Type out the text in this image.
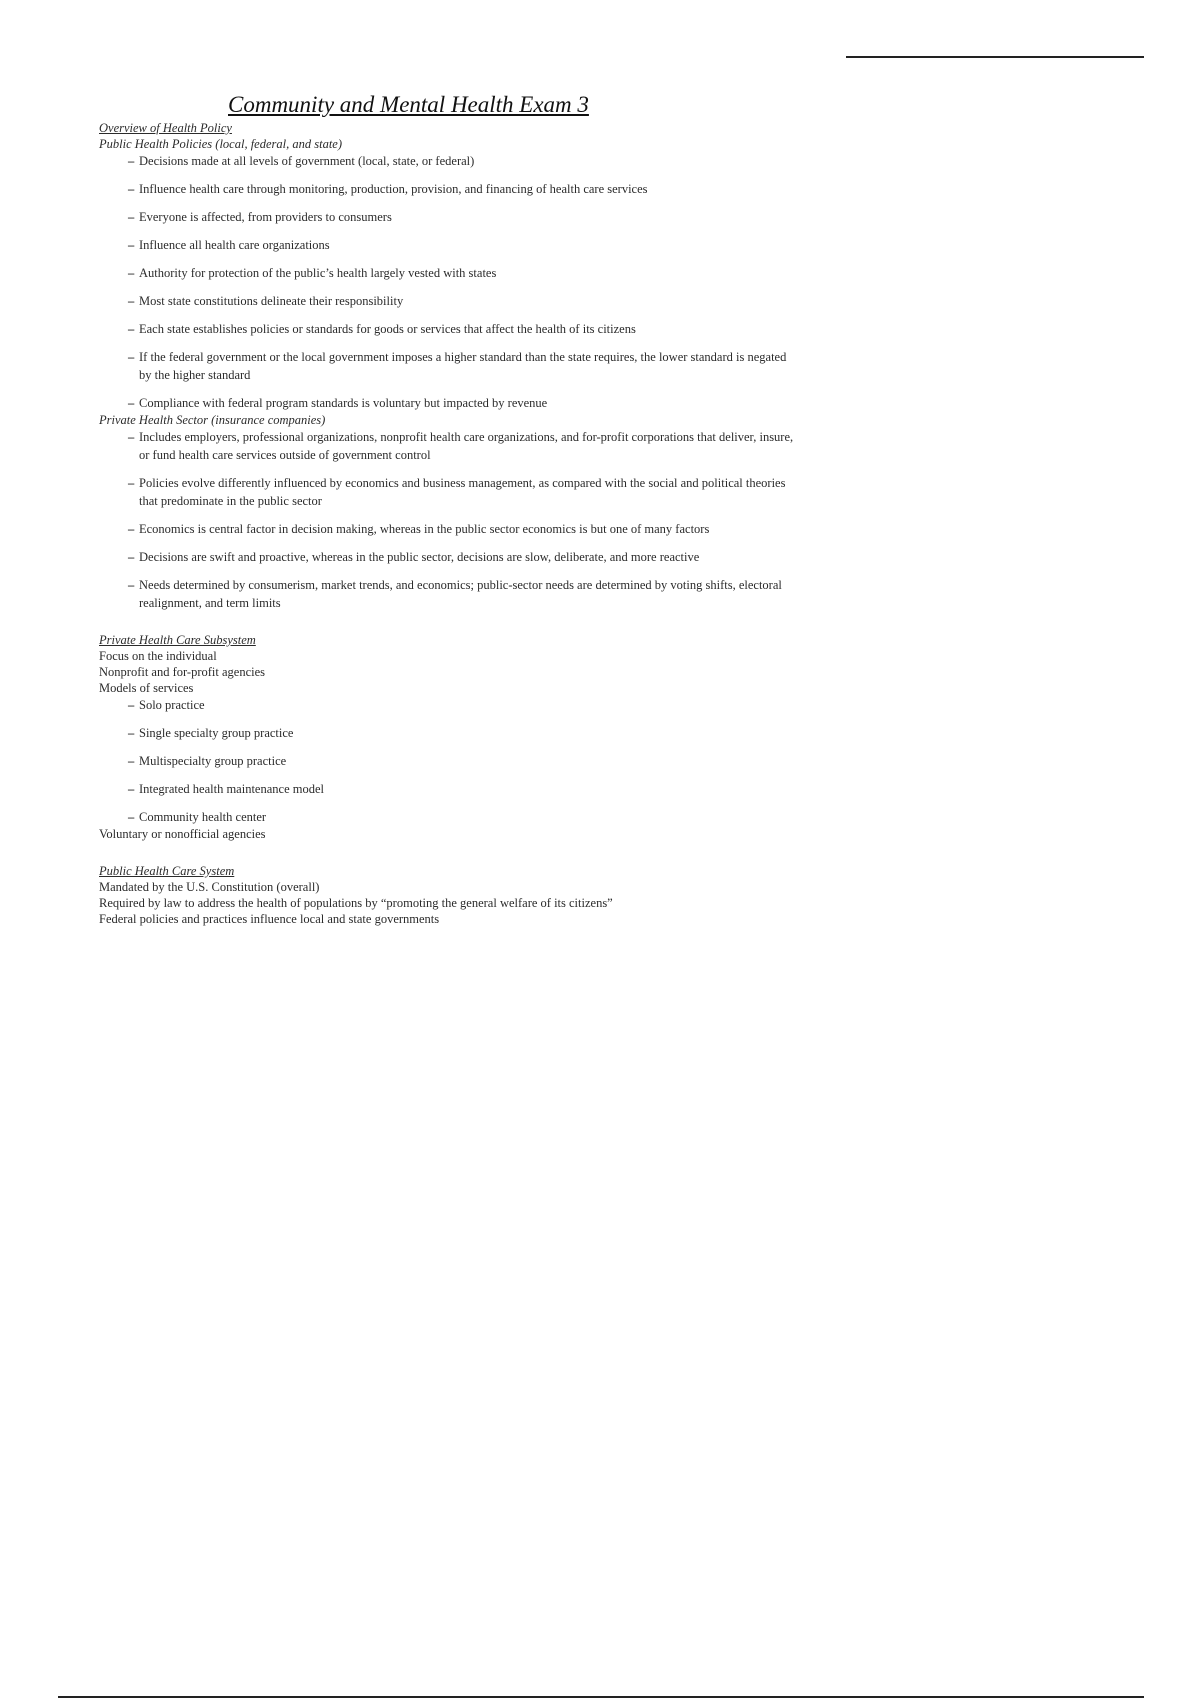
Community and Mental Health Exam 3
Overview of Health Policy
Public Health Policies (local, federal, and state)
– Decisions made at all levels of government (local, state, or federal)
– Influence health care through monitoring, production, provision, and financing of health care services
– Everyone is affected, from providers to consumers
– Influence all health care organizations
– Authority for protection of the public’s health largely vested with states
– Most state constitutions delineate their responsibility
– Each state establishes policies or standards for goods or services that affect the health of its citizens
– If the federal government or the local government imposes a higher standard than the state requires, the lower standard is negated by the higher standard
– Compliance with federal program standards is voluntary but impacted by revenue
Private Health Sector (insurance companies)
– Includes employers, professional organizations, nonprofit health care organizations, and for-profit corporations that deliver, insure, or fund health care services outside of government control
– Policies evolve differently influenced by economics and business management, as compared with the social and political theories that predominate in the public sector
– Economics is central factor in decision making, whereas in the public sector economics is but one of many factors
– Decisions are swift and proactive, whereas in the public sector, decisions are slow, deliberate, and more reactive
– Needs determined by consumerism, market trends, and economics; public-sector needs are determined by voting shifts, electoral realignment, and term limits
Private Health Care Subsystem
Focus on the individual
Nonprofit and for-profit agencies
Models of services
– Solo practice
– Single specialty group practice
– Multispecialty group practice
– Integrated health maintenance model
– Community health center
Voluntary or nonofficial agencies
Public Health Care System
Mandated by the U.S. Constitution (overall)
Required by law to address the health of populations by “promoting the general welfare of its citizens”
Federal policies and practices influence local and state governments
